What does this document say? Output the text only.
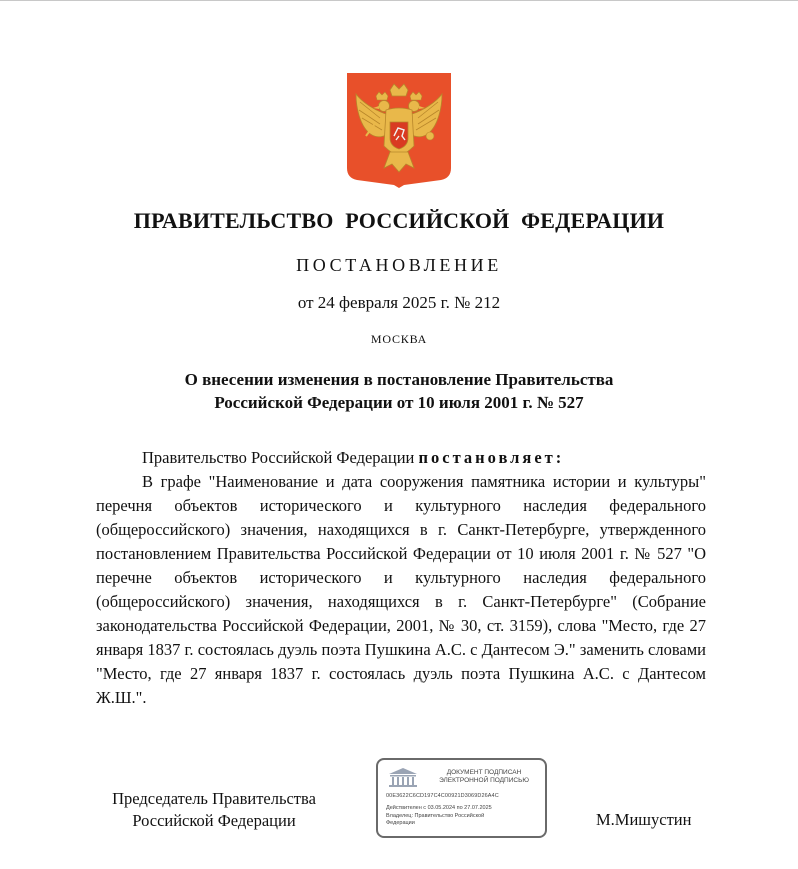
ПРАВИТЕЛЬСТВО РОССИЙСКОЙ ФЕДЕРАЦИИ
ПОСТАНОВЛЕНИЕ
от 24 февраля 2025 г. № 212
МОСКВА
О внесении изменения в постановление Правительства
Российской Федерации от 10 июля 2001 г. № 527
Правительство Российской Федерации постановляет:
В графе "Наименование и дата сооружения памятника истории и культуры" перечня объектов исторического и культурного наследия федерального (общероссийского) значения, находящихся в г. Санкт-Петербурге, утвержденного постановлением Правительства Российской Федерации от 10 июля 2001 г. № 527 "О перечне объектов исторического и культурного наследия федерального (общероссийского) значения, находящихся в г. Санкт-Петербурге" (Собрание законодательства Российской Федерации, 2001, № 30, ст. 3159), слова "Место, где 27 января 1837 г. состоялась дуэль поэта Пушкина А.С. с Дантесом Э." заменить словами "Место, где 27 января 1837 г. состоялась дуэль поэта Пушкина А.С. с Дантесом Ж.Ш.".
Председатель Правительства
Российской Федерации
ДОКУМЕНТ ПОДПИСАН
ЭЛЕКТРОННОЙ ПОДПИСЬЮ
00E3622C6CD197C4C00921D3069D26A4C
Действителен с 03.05.2024 по 27.07.2025
Владелец: Правительство Российской
Федерации	М.Мишустин
